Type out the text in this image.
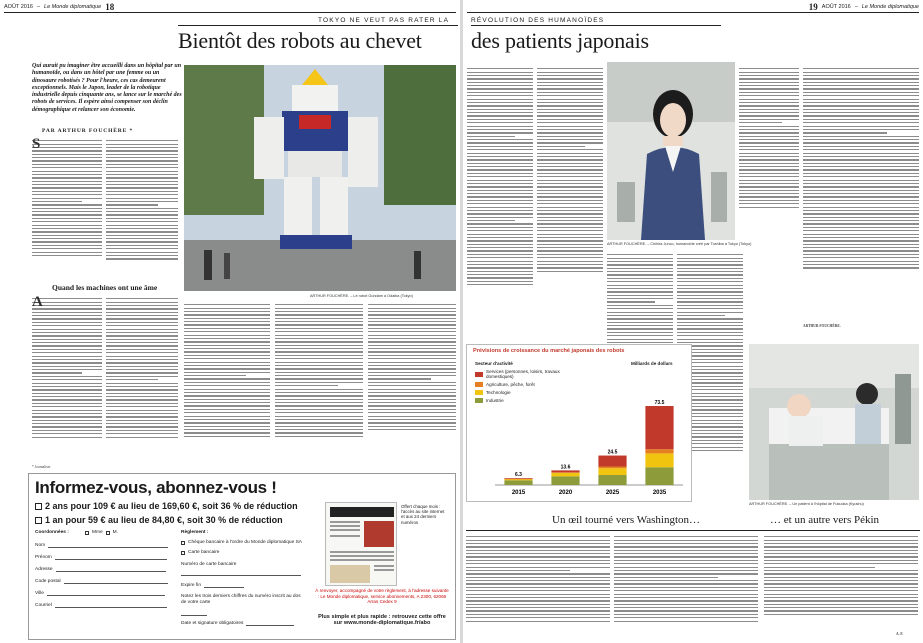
AOÛT 2016 – Le Monde diplomatique 18
TOKYO NE VEUT PAS RATER LA
Bientôt des robots au chevet
Qui aurait pu imaginer être accueilli dans un hôpital par un humanoïde, ou dans un hôtel par une femme ou un dinosaure robotisés ? Pour l'heure, ces cas demeurent exceptionnels. Mais le Japon, leader de la robotique industrielle depuis cinquante ans, se lance sur le marché des robots de services. Il espère ainsi compenser son déclin démographique et relancer son économie.
PAR ARTHUR FOUCHÈRE *
S
Quand les machines ont une âme
A
* Journaliste.
ARTHUR FOUCHÈRE. – Le robot Gundam à Odaiba (Tokyo)
Informez-vous, abonnez-vous !
2 ans pour 109 € au lieu de 169,60 €, soit 36 % de réduction
1 an pour 59 € au lieu de 84,80 €, soit 30 % de réduction
Coordonnées :	Mme M.
Nom
Prénom
Adresse
Code postal
Ville
Courriel
Règlement :
Chèque bancaire à l'ordre du Monde diplomatique SA
Carte bancaire
Numéro de carte bancaire
Expire fin
Notez les trois derniers chiffres du numéro inscrit au dos de votre carte
Date et signature obligatoires
Offert chaque mois : l'accès au site internet et aux 24 derniers numéros
À renvoyer, accompagné de votre règlement, à l'adresse suivante : Le Monde diplomatique, service abonnements, A 2300, 62066 Arras Cedex 9
Plus simple et plus rapide : retrouvez cette offre sur www.monde-diplomatique.fr/abo
19 AOÛT 2016 – Le Monde diplomatique
RÉVOLUTION DES HUMANOÏDES
des patients japonais
ARTHUR FOUCHÈRE. – Chihira Junco, humanoïde créé par Toshiba à Tokyo (Tokyo)
ARTHUR FOUCHÈRE.
ARTHUR FOUCHÈRE. – Un patient à l'hôpital de Fukuoka (Kyushu)
Prévisions de croissance du marché japonais des robots
Secteur d'activité
Services (personnes, loisirs, travaux domestiques)
Agriculture, pêche, forêt
Technologie
Industrie
Milliards de dollars
6.3
2015
13.6
2020
24.5
2025
73.5
2035
Un œil tourné vers Washington…	… et un autre vers Pékin
A. F.
